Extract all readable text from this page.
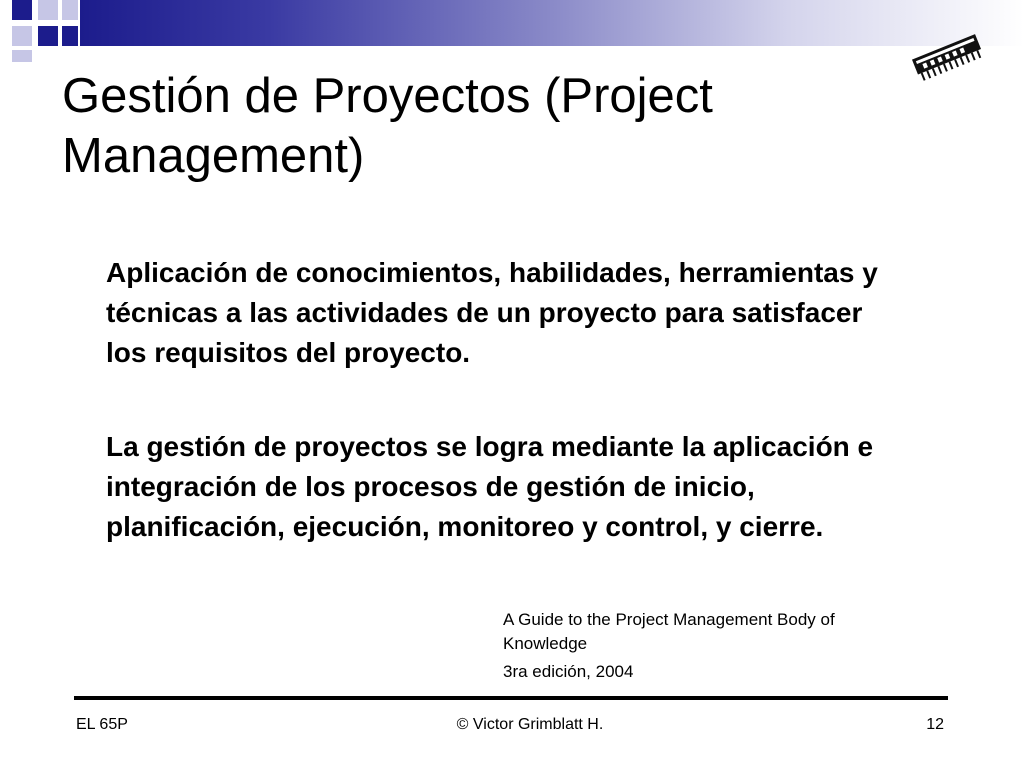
Gestión de Proyectos (Project Management)

Aplicación de conocimientos, habilidades, herramientas y técnicas a las actividades de un proyecto para satisfacer los requisitos del proyecto.

La gestión de proyectos se logra mediante la aplicación e integración de los procesos de gestión de inicio, planificación, ejecución, monitoreo y control, y cierre.

A Guide to the Project Management Body of Knowledge

3ra edición, 2004

EL 65P	© Victor Grimblatt H.	12
